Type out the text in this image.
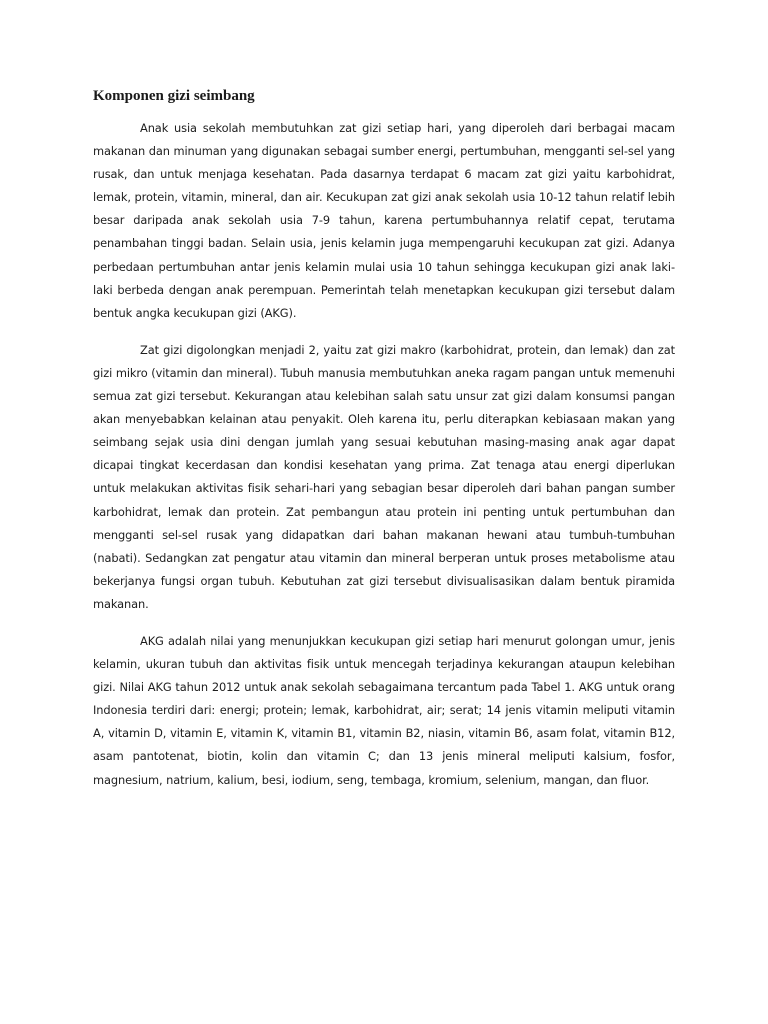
Komponen gizi seimbang

Anak usia sekolah membutuhkan zat gizi setiap hari, yang diperoleh dari berbagai macam makanan dan minuman yang digunakan sebagai sumber energi, pertumbuhan, mengganti sel-sel yang rusak, dan untuk menjaga kesehatan. Pada dasarnya terdapat 6 macam zat gizi yaitu karbohidrat, lemak, protein, vitamin, mineral, dan air. Kecukupan zat gizi anak sekolah usia 10-12 tahun relatif lebih besar daripada anak sekolah usia 7-9 tahun, karena pertumbuhannya relatif cepat, terutama penambahan tinggi badan. Selain usia, jenis kelamin juga mempengaruhi kecukupan zat gizi. Adanya perbedaan pertumbuhan antar jenis kelamin mulai usia 10 tahun sehingga kecukupan gizi anak laki-laki berbeda dengan anak perempuan. Pemerintah telah menetapkan kecukupan gizi tersebut dalam bentuk angka kecukupan gizi (AKG).

Zat gizi digolongkan menjadi 2, yaitu zat gizi makro (karbohidrat, protein, dan lemak) dan zat gizi mikro (vitamin dan mineral). Tubuh manusia membutuhkan aneka ragam pangan untuk memenuhi semua zat gizi tersebut. Kekurangan atau kelebihan salah satu unsur zat gizi dalam konsumsi pangan akan menyebabkan kelainan atau penyakit. Oleh karena itu, perlu diterapkan kebiasaan makan yang seimbang sejak usia dini dengan jumlah yang sesuai kebutuhan masing-masing anak agar dapat dicapai tingkat kecerdasan dan kondisi kesehatan yang prima. Zat tenaga atau energi diperlukan untuk melakukan aktivitas fisik sehari-hari yang sebagian besar diperoleh dari bahan pangan sumber karbohidrat, lemak dan protein. Zat pembangun atau protein ini penting untuk pertumbuhan dan mengganti sel-sel rusak yang didapatkan dari bahan makanan hewani atau tumbuh-tumbuhan (nabati). Sedangkan zat pengatur atau vitamin dan mineral berperan untuk proses metabolisme atau bekerjanya fungsi organ tubuh. Kebutuhan zat gizi tersebut divisualisasikan dalam bentuk piramida makanan.

AKG adalah nilai yang menunjukkan kecukupan gizi setiap hari menurut golongan umur, jenis kelamin, ukuran tubuh dan aktivitas fisik untuk mencegah terjadinya kekurangan ataupun kelebihan gizi. Nilai AKG tahun 2012 untuk anak sekolah sebagaimana tercantum pada Tabel 1. AKG untuk orang Indonesia terdiri dari: energi; protein; lemak, karbohidrat, air; serat; 14 jenis vitamin meliputi vitamin A, vitamin D, vitamin E, vitamin K, vitamin B1, vitamin B2, niasin, vitamin B6, asam folat, vitamin B12, asam pantotenat, biotin, kolin dan vitamin C; dan 13 jenis mineral meliputi kalsium, fosfor, magnesium, natrium, kalium, besi, iodium, seng, tembaga, kromium, selenium, mangan, dan fluor.
